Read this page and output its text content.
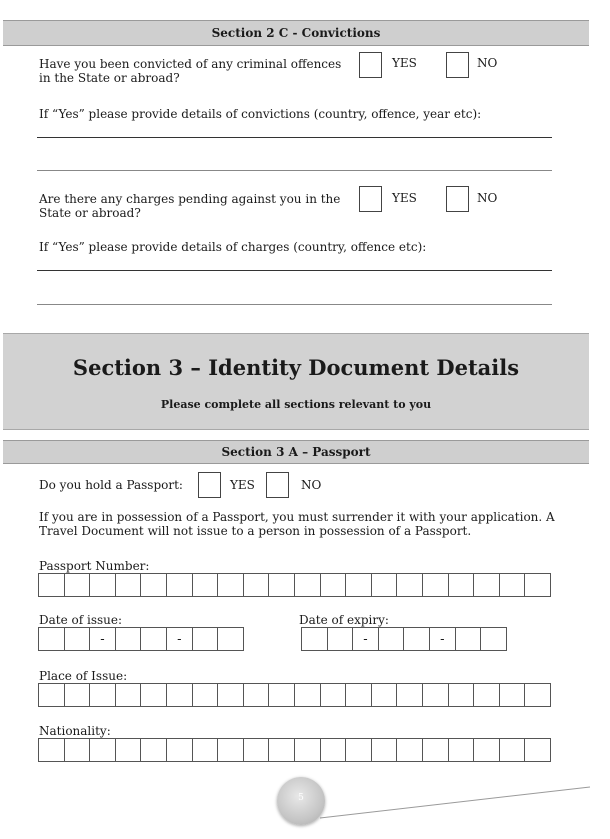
Section 2 C - Convictions
Have you been convicted of any criminal offences
in the State or abroad?
YES	NO
If “Yes” please provide details of convictions (country, offence, year etc):
Are there any charges pending against you in the
State or abroad?
YES	NO
If “Yes” please provide details of charges (country, offence etc):
Section 3 – Identity Document Details
Please complete all sections relevant to you
Section 3 A – Passport
Do you hold a Passport:	YES	NO
If you are in possession of a Passport, you must surrender it with your application. A
Travel Document will not issue to a person in possession of a Passport.
Passport Number:
Date of issue:
-	-
Date of expiry:
-	-
Place of Issue:
Nationality:
5
